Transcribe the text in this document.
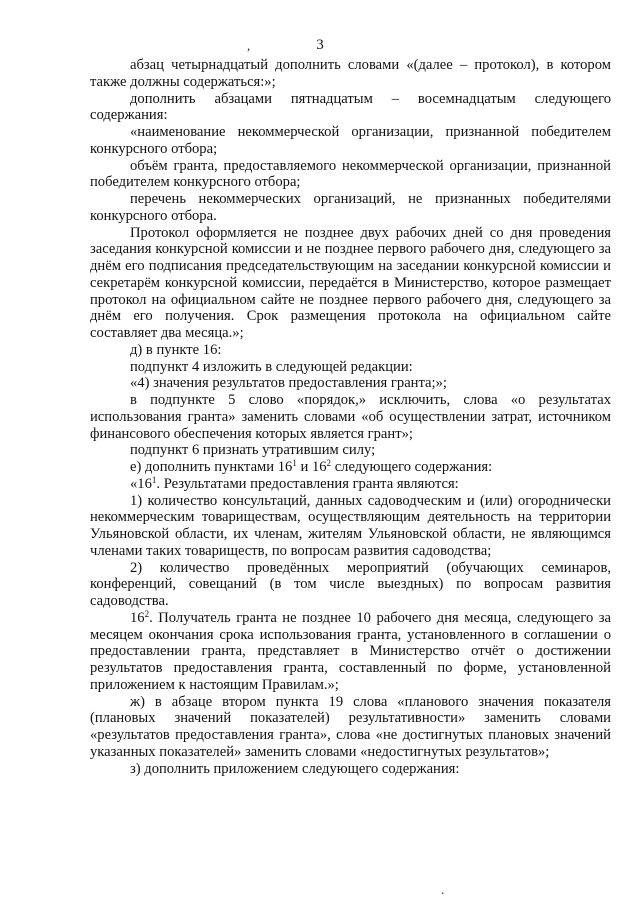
,	3

абзац четырнадцатый дополнить словами «(далее – протокол), в котором также должны содержаться:»;

дополнить абзацами пятнадцатым – восемнадцатым следующего содержания:

«наименование некоммерческой организации, признанной победителем конкурсного отбора;

объём гранта, предоставляемого некоммерческой организации, признанной победителем конкурсного отбора;

перечень некоммерческих организаций, не признанных победителями конкурсного отбора.

Протокол оформляется не позднее двух рабочих дней со дня проведения заседания конкурсной комиссии и не позднее первого рабочего дня, следующего за днём его подписания председательствующим на заседании конкурсной комиссии и секретарём конкурсной комиссии, передаётся в Министерство, которое размещает протокол на официальном сайте не позднее первого рабочего дня, следующего за днём его получения. Срок размещения протокола на официальном сайте составляет два месяца.»;

д) в пункте 16:

подпункт 4 изложить в следующей редакции:

«4) значения результатов предоставления гранта;»;

в подпункте 5 слово «порядок,» исключить, слова «о результатах использования гранта» заменить словами «об осуществлении затрат, источником финансового обеспечения которых является грант»;

подпункт 6 признать утратившим силу;

е) дополнить пунктами $16^1$ и $16^2$ следующего содержания:

«$16^1$. Результатами предоставления гранта являются:

1) количество консультаций, данных садоводческим и (или) огороднически некоммерческим товариществам, осуществляющим деятельность на территории Ульяновской области, их членам, жителям Ульяновской области, не являющимся членами таких товариществ, по вопросам развития садоводства;

2) количество проведённых мероприятий (обучающих семинаров, конференций, совещаний (в том числе выездных) по вопросам развития садоводства.

$16^2$. Получатель гранта не позднее 10 рабочего дня месяца, следующего за месяцем окончания срока использования гранта, установленного в соглашении о предоставлении гранта, представляет в Министерство отчёт о достижении результатов предоставления гранта, составленный по форме, установленной приложением к настоящим Правилам.»;

ж) в абзаце втором пункта 19 слова «планового значения показателя (плановых значений показателей) результативности» заменить словами «результатов предоставления гранта», слова «не достигнутых плановых значений указанных показателей» заменить словами «недостигнутых результатов»;

з) дополнить приложением следующего содержания:

.
